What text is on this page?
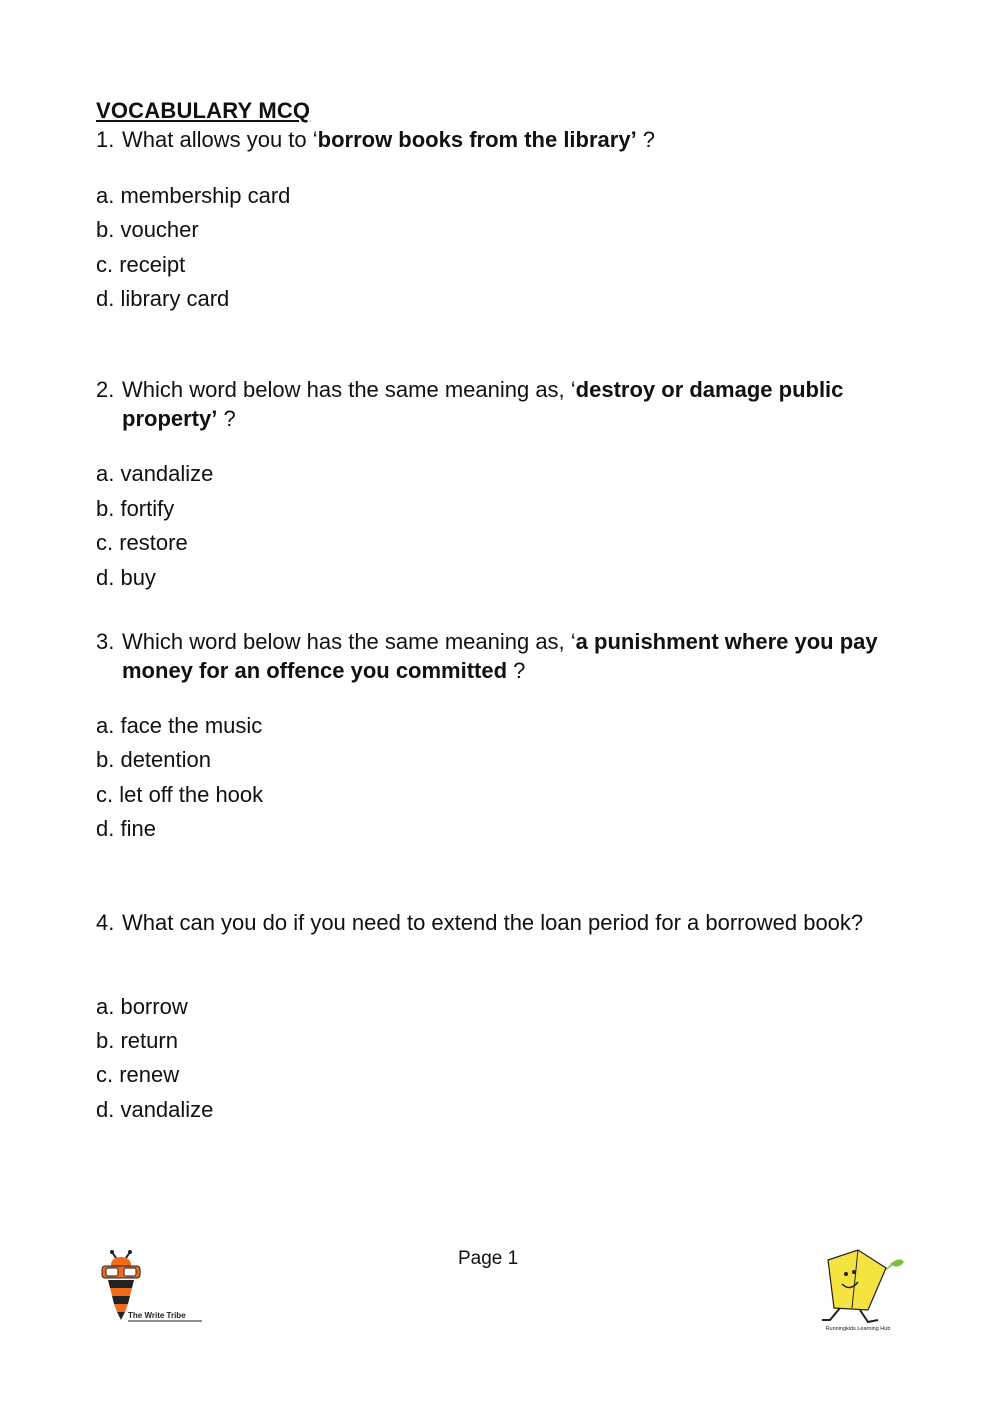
VOCABULARY MCQ
1. What allows you to ‘borrow books from the library’ ?
a. membership card
b. voucher
c. receipt
d. library card
2. Which word below has the same meaning as, ‘destroy or damage public property’ ?
a. vandalize
b. fortify
c. restore
d. buy
3. Which word below has the same meaning as, ‘a punishment where you pay money for an offence you committed ?
a. face the music
b. detention
c. let off the hook
d. fine
4. What can you do if you need to extend the loan period for a borrowed book?
a. borrow
b. return
c. renew
d. vandalize
Page 1
The Write Tribe
Runningkids Learning Hub
